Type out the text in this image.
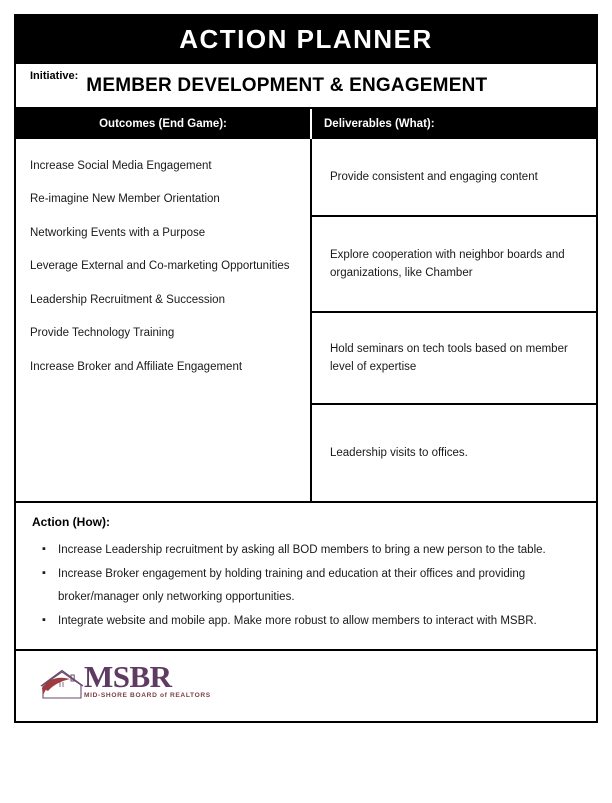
ACTION PLANNER
Initiative: MEMBER DEVELOPMENT & ENGAGEMENT
Outcomes (End Game):	Deliverables (What):
Increase Social Media Engagement
Re-imagine New Member Orientation
Networking Events with a Purpose
Leverage External and Co-marketing Opportunities
Leadership Recruitment & Succession
Provide Technology Training
Increase Broker and Affiliate Engagement
Provide consistent and engaging content
Explore cooperation with neighbor boards and organizations, like Chamber
Hold seminars on tech tools based on member level of expertise
Leadership visits to offices.
Action (How):
▪ Increase Leadership recruitment by asking all BOD members to bring a new person to the table.
▪ Increase Broker engagement by holding training and education at their offices and providing broker/manager only networking opportunities.
▪ Integrate website and mobile app. Make more robust to allow members to interact with MSBR.
MSBR
MID-SHORE BOARD of REALTORS
